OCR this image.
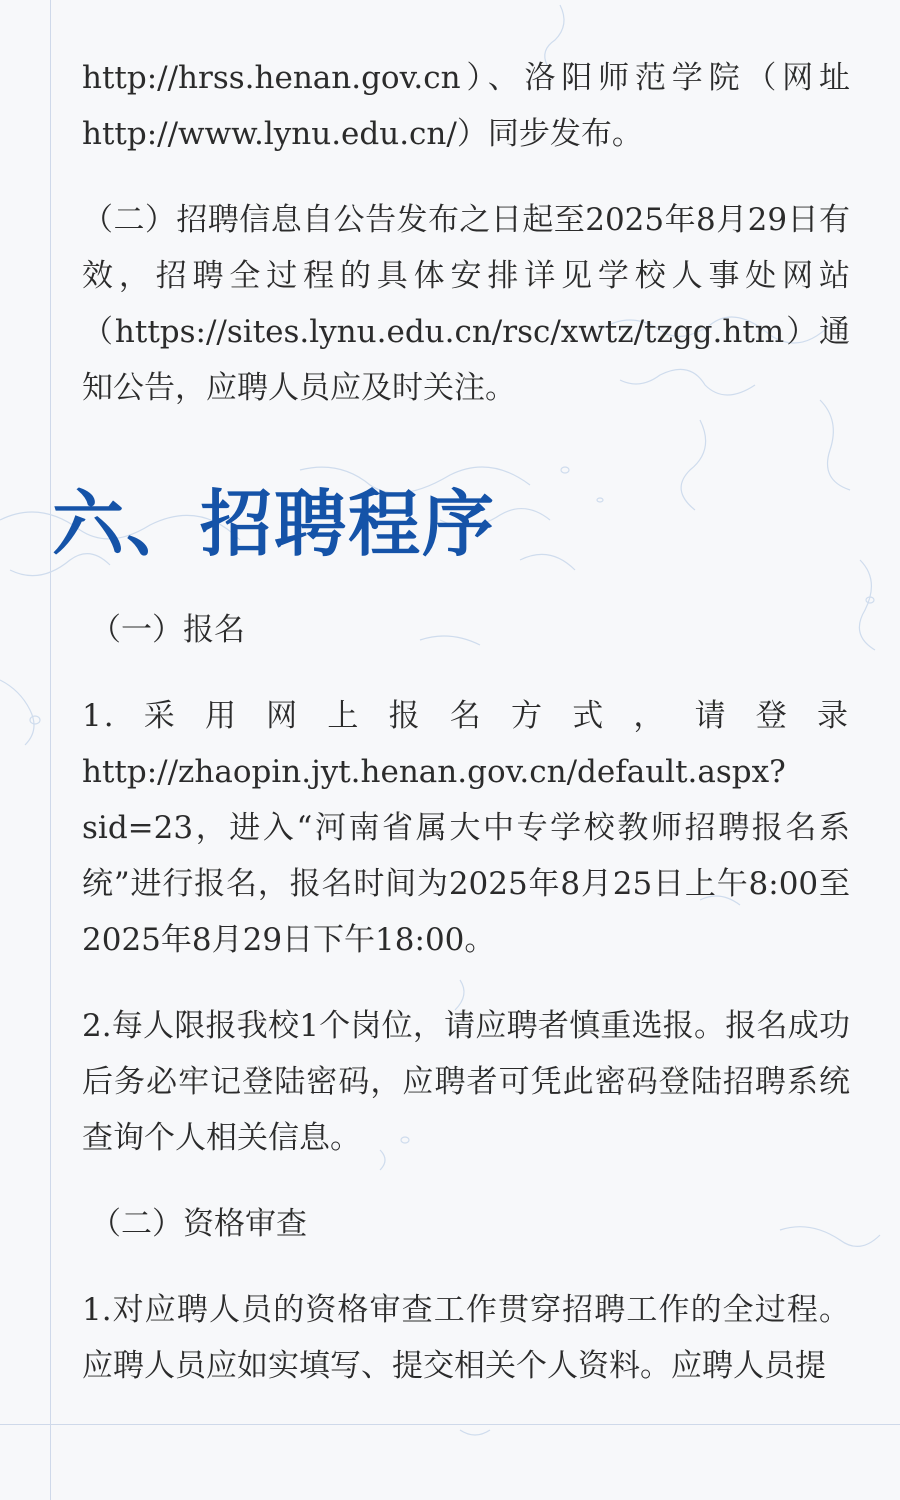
http://hrss.henan.gov.cn）、洛阳师范学院（网址
http://www.lynu.edu.cn/）同步发布。

（二）招聘信息自公告发布之日起至2025年8月29日有效，招聘全过程的具体安排详见学校人事处网站（https://sites.lynu.edu.cn/rsc/xwtz/tzgg.htm）通知公告，应聘人员应及时关注。

六、招聘程序
（一）报名

1.采用网上报名方式，请登录
http://zhaopin.jyt.henan.gov.cn/default.aspx?sid=23，进入“河南省属大中专学校教师招聘报名系统”进行报名，报名时间为2025年8月25日上午8:00至2025年8月29日下午18:00。

2.每人限报我校1个岗位，请应聘者慎重选报。报名成功后务必牢记登陆密码，应聘者可凭此密码登陆招聘系统查询个人相关信息。

（二）资格审查

1.对应聘人员的资格审查工作贯穿招聘工作的全过程。应聘人员应如实填写、提交相关个人资料。应聘人员提
